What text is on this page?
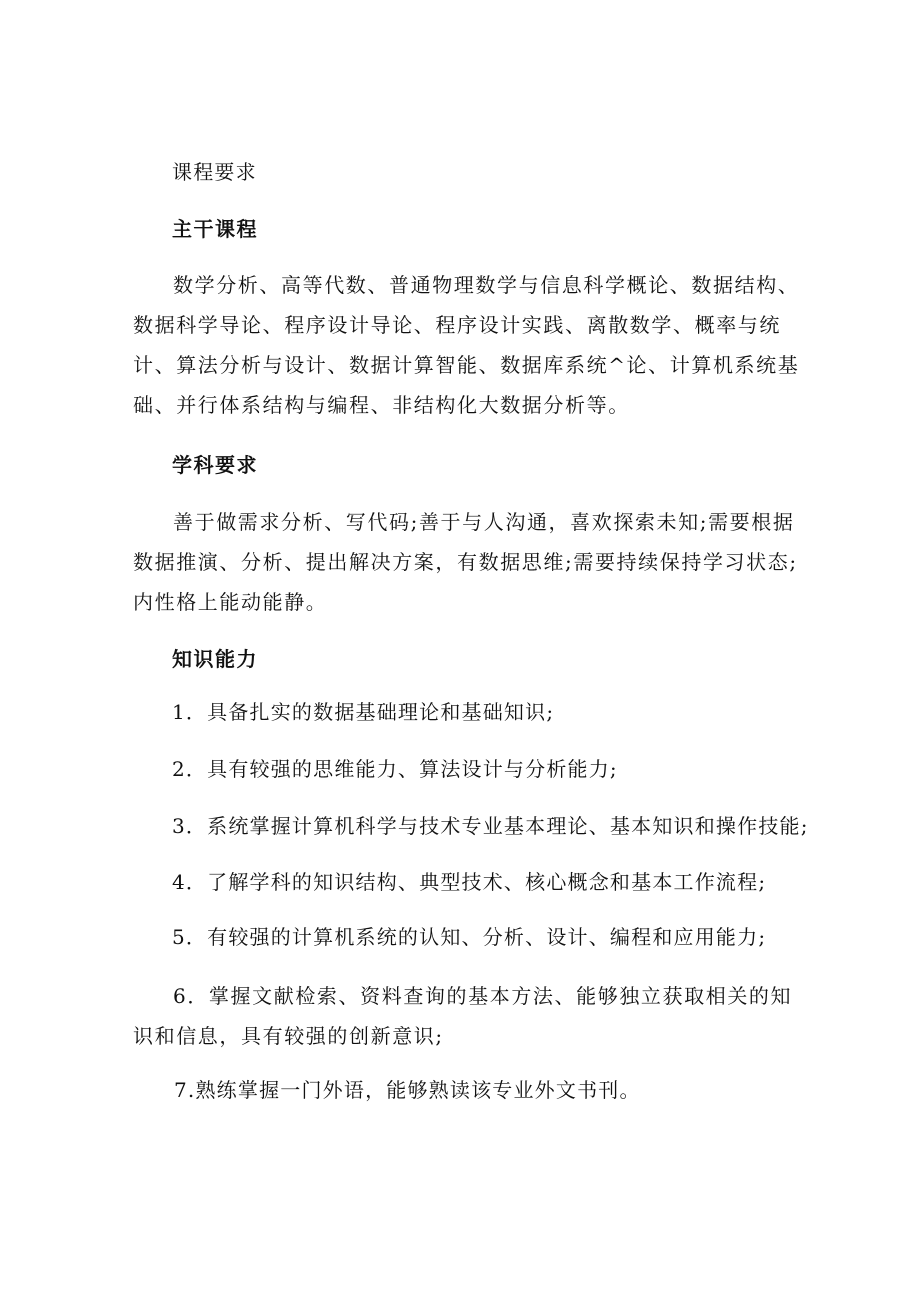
课程要求
主干课程
数学分析、高等代数、普通物理数学与信息科学概论、数据结构、数据科学导论、程序设计导论、程序设计实践、离散数学、概率与统计、算法分析与设计、数据计算智能、数据库系统^论、计算机系统基础、并行体系结构与编程、非结构化大数据分析等。
学科要求
善于做需求分析、写代码;善于与人沟通，喜欢探索未知;需要根据数据推演、分析、提出解决方案，有数据思维;需要持续保持学习状态;内性格上能动能静。
知识能力
1．具备扎实的数据基础理论和基础知识;
2．具有较强的思维能力、算法设计与分析能力;
3．系统掌握计算机科学与技术专业基本理论、基本知识和操作技能;
4．了解学科的知识结构、典型技术、核心概念和基本工作流程;
5．有较强的计算机系统的认知、分析、设计、编程和应用能力;
6．掌握文献检索、资料查询的基本方法、能够独立获取相关的知识和信息，具有较强的创新意识;
7.熟练掌握一门外语，能够熟读该专业外文书刊。
